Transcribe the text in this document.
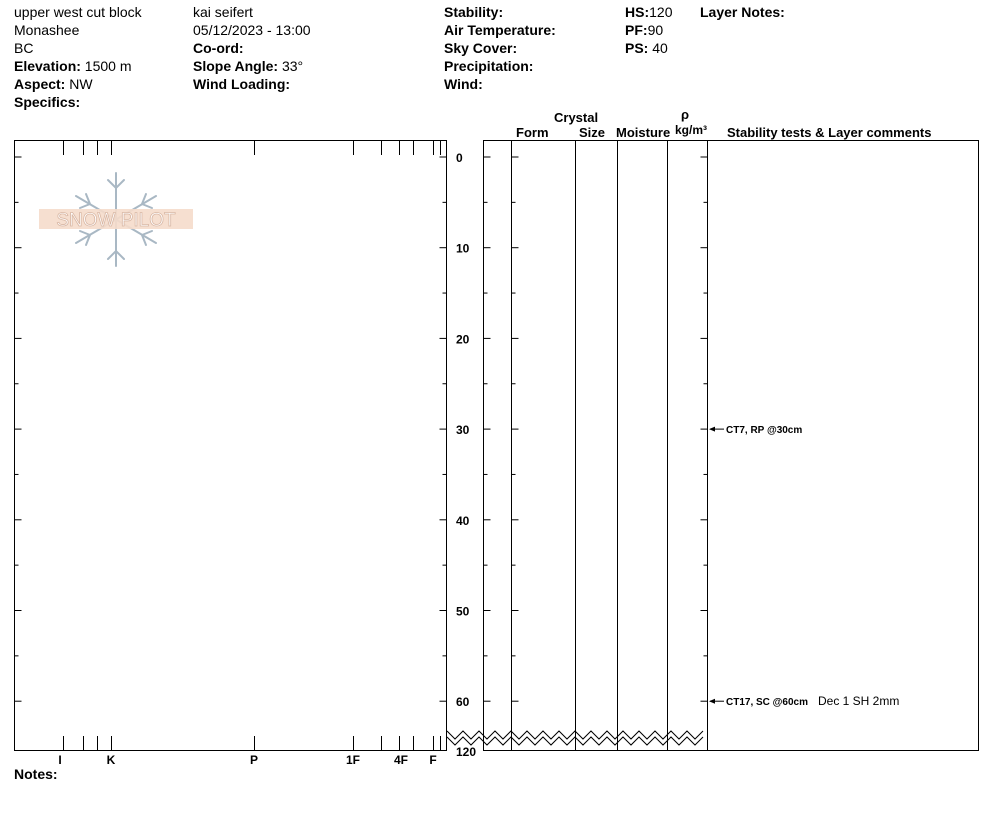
upper west cut block
Monashee
BC
Elevation: 1500 m
Aspect: NW
Specifics:
kai seifert
05/12/2023 - 13:00
Co-ord:
Slope Angle: 33°
Wind Loading:
Stability:
Air Temperature:
Sky Cover:
Precipitation:
Wind:
HS:120
PF:90
PS: 40
Layer Notes:
Crystal
Form Size Moisture
ρ
kg/m³ Stability tests & Layer comments
Notes:
SNOW PILOT
0
10
20
30
40
50
60
120
I	K	P	1F	4F F
CT7, RP @30cm
CT17, SC @60cm Dec 1 SH 2mm
